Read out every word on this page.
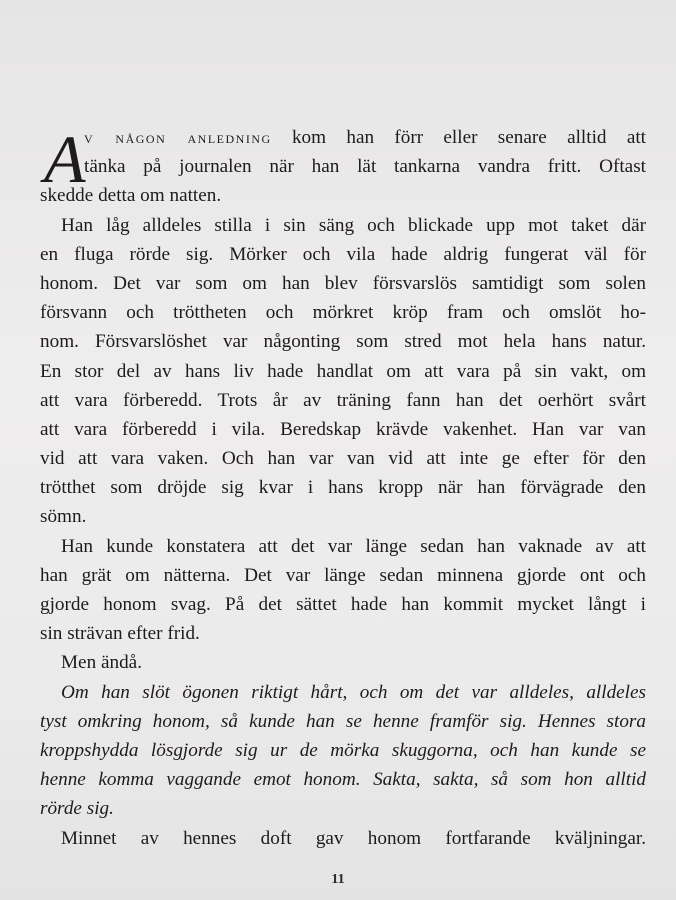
A
v någon anledning kom han förr eller senare alltid att
tänka på journalen när han lät tankarna vandra fritt. Oftast
skedde detta om natten.
Han låg alldeles stilla i sin säng och blickade upp mot taket där
en fluga rörde sig. Mörker och vila hade aldrig fungerat väl för
honom. Det var som om han blev försvarslös samtidigt som solen
försvann och tröttheten och mörkret kröp fram och omslöt ho-
nom. Försvarslöshet var någonting som stred mot hela hans natur.
En stor del av hans liv hade handlat om att vara på sin vakt, om
att vara förberedd. Trots år av träning fann han det oerhört svårt
att vara förberedd i vila. Beredskap krävde vakenhet. Han var van
vid att vara vaken. Och han var van vid att inte ge efter för den
trötthet som dröjde sig kvar i hans kropp när han förvägrade den
sömn.
Han kunde konstatera att det var länge sedan han vaknade av att
han grät om nätterna. Det var länge sedan minnena gjorde ont och
gjorde honom svag. På det sättet hade han kommit mycket långt i
sin strävan efter frid.
Men ändå.
Om han slöt ögonen riktigt hårt, och om det var alldeles, alldeles
tyst omkring honom, så kunde han se henne framför sig. Hennes stora
kroppshydda lösgjorde sig ur de mörka skuggorna, och han kunde se
henne komma vaggande emot honom. Sakta, sakta, så som hon alltid
rörde sig.
Minnet av hennes doft gav honom fortfarande kväljningar.
11
